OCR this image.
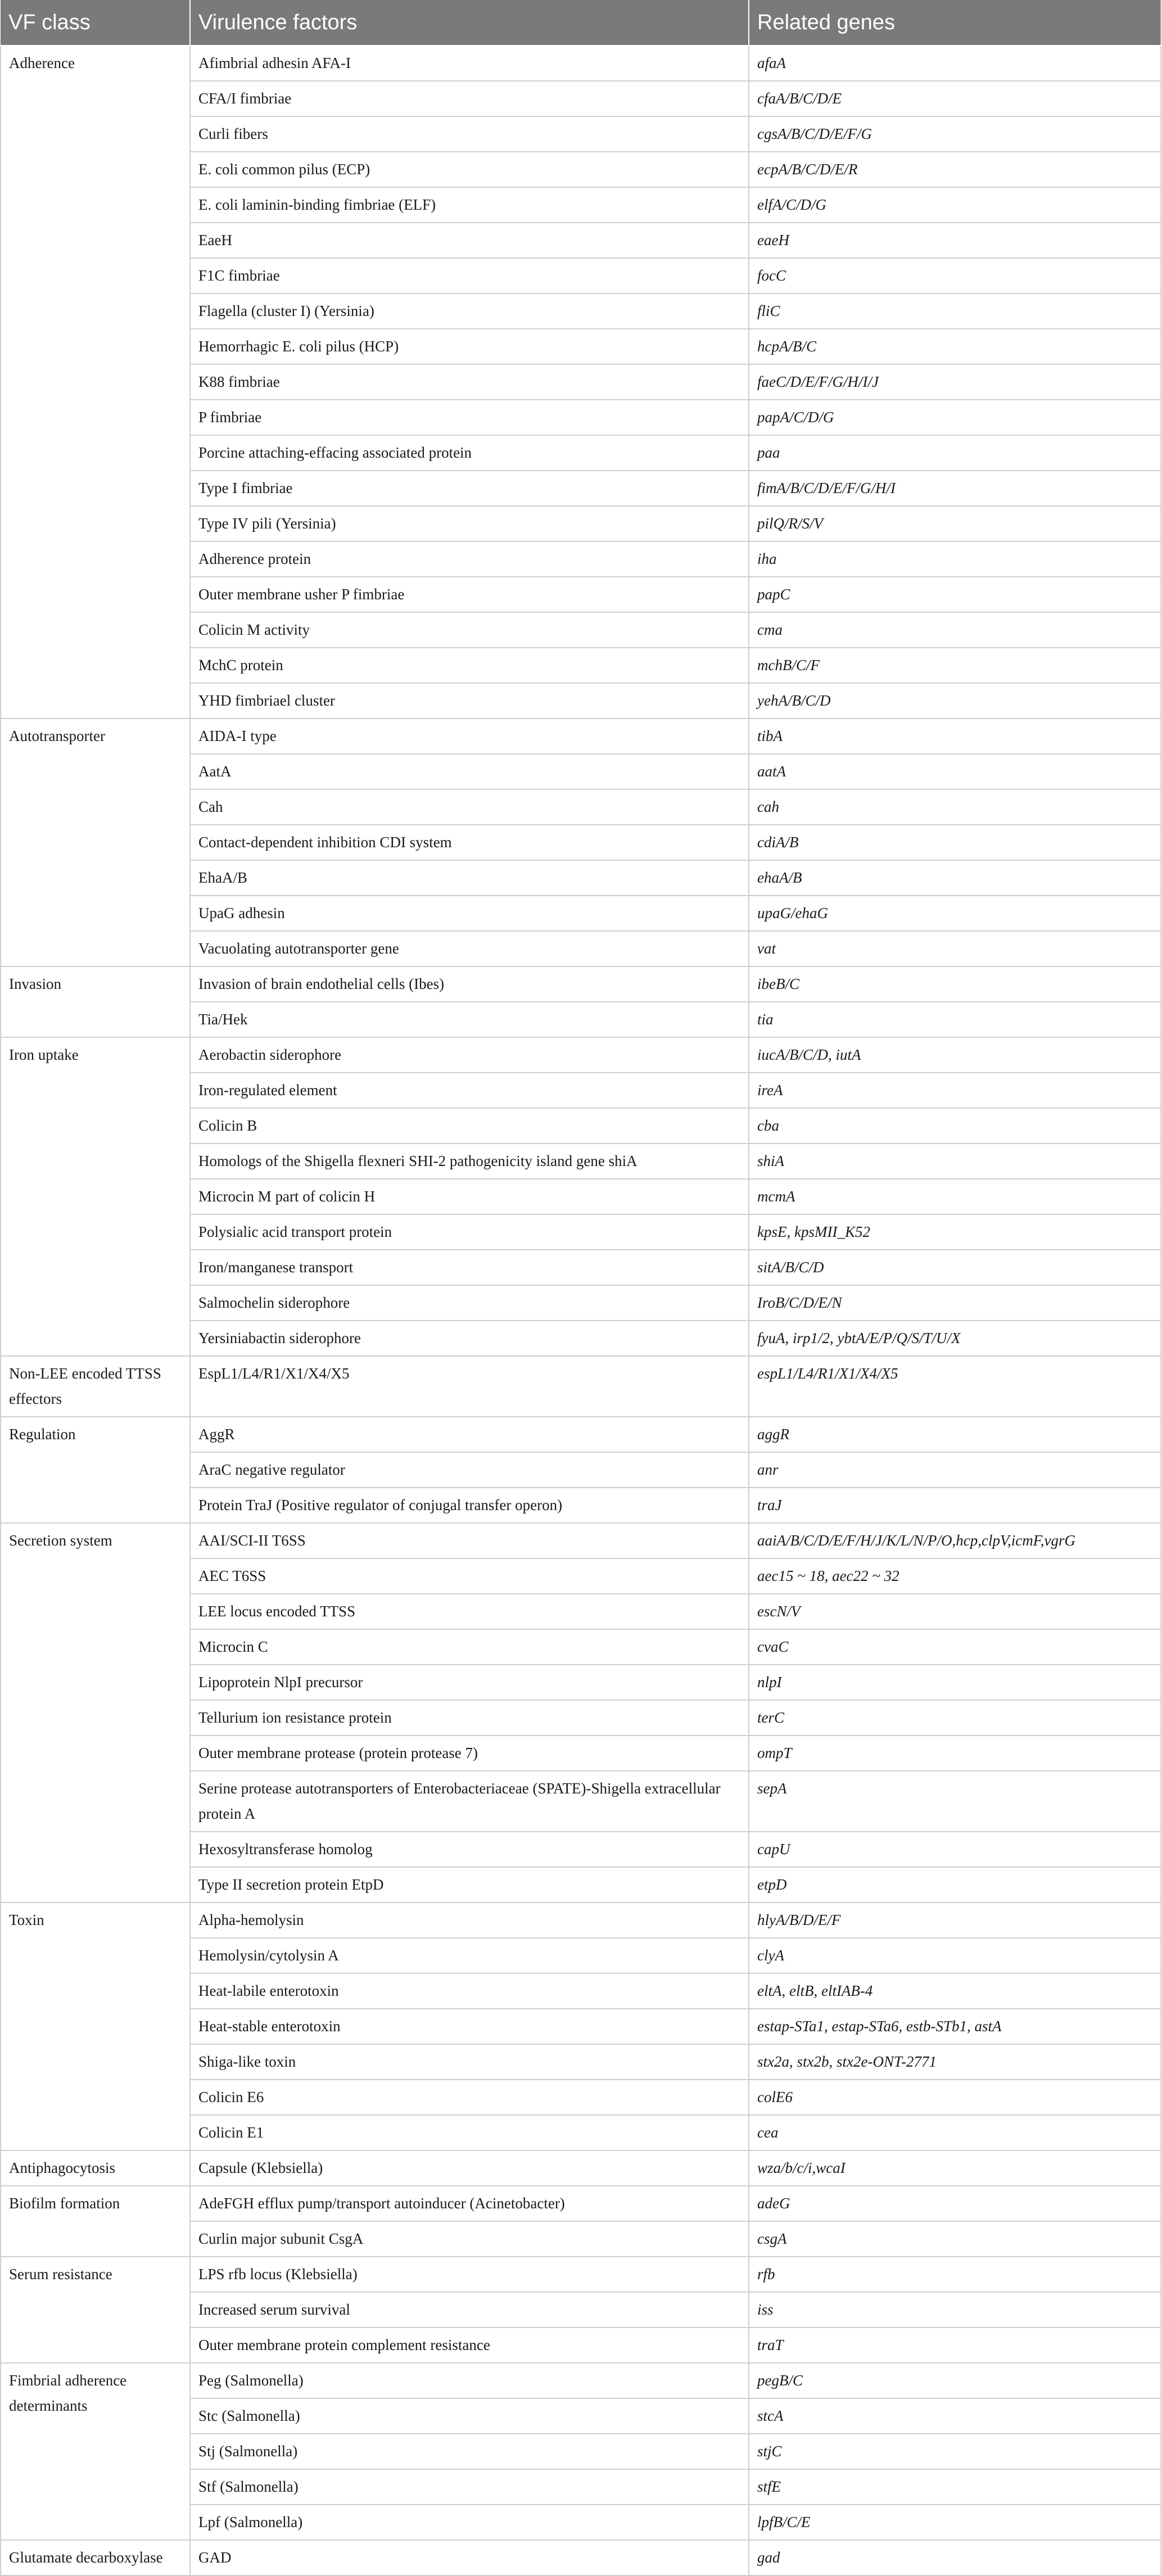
VF class	Virulence factors	Related genes
Adherence	Afimbrial adhesin AFA-I	afaA
	CFA/I fimbriae	cfaA/B/C/D/E
	Curli fibers	cgsA/B/C/D/E/F/G
	E. coli common pilus (ECP)	ecpA/B/C/D/E/R
	E. coli laminin-binding fimbriae (ELF)	elfA/C/D/G
	EaeH	eaeH
	F1C fimbriae	focC
	Flagella (cluster I) (Yersinia)	fliC
	Hemorrhagic E. coli pilus (HCP)	hcpA/B/C
	K88 fimbriae	faeC/D/E/F/G/H/I/J
	P fimbriae	papA/C/D/G
	Porcine attaching-effacing associated protein	paa
	Type I fimbriae	fimA/B/C/D/E/F/G/H/I
	Type IV pili (Yersinia)	pilQ/R/S/V
	Adherence protein	iha
	Outer membrane usher P fimbriae	papC
	Colicin M activity	cma
	MchC protein	mchB/C/F
	YHD fimbriael cluster	yehA/B/C/D
Autotransporter	AIDA-I type	tibA
	AatA	aatA
	Cah	cah
	Contact-dependent inhibition CDI system	cdiA/B
	EhaA/B	ehaA/B
	UpaG adhesin	upaG/ehaG
	Vacuolating autotransporter gene	vat
Invasion	Invasion of brain endothelial cells (Ibes)	ibeB/C
	Tia/Hek	tia
Iron uptake	Aerobactin siderophore	iucA/B/C/D, iutA
	Iron-regulated element	ireA
	Colicin B	cba
	Homologs of the Shigella flexneri SHI-2 pathogenicity island gene shiA	shiA
	Microcin M part of colicin H	mcmA
	Polysialic acid transport protein	kpsE, kpsMII_K52
	Iron/manganese transport	sitA/B/C/D
	Salmochelin siderophore	IroB/C/D/E/N
	Yersiniabactin siderophore	fyuA, irp1/2, ybtA/E/P/Q/S/T/U/X
Non-LEE encoded TTSS effectors	EspL1/L4/R1/X1/X4/X5	espL1/L4/R1/X1/X4/X5
Regulation	AggR	aggR
	AraC negative regulator	anr
	Protein TraJ (Positive regulator of conjugal transfer operon)	traJ
Secretion system	AAI/SCI-II T6SS	aaiA/B/C/D/E/F/H/J/K/L/N/P/O,hcp,clpV,icmF,vgrG
	AEC T6SS	aec15 ~ 18, aec22 ~ 32
	LEE locus encoded TTSS	escN/V
	Microcin C	cvaC
	Lipoprotein NlpI precursor	nlpI
	Tellurium ion resistance protein	terC
	Outer membrane protease (protein protease 7)	ompT
	Serine protease autotransporters of Enterobacteriaceae (SPATE)-Shigella extracellular protein A	sepA
	Hexosyltransferase homolog	capU
	Type II secretion protein EtpD	etpD
Toxin	Alpha-hemolysin	hlyA/B/D/E/F
	Hemolysin/cytolysin A	clyA
	Heat-labile enterotoxin	eltA, eltB, eltIAB-4
	Heat-stable enterotoxin	estap-STa1, estap-STa6, estb-STb1, astA
	Shiga-like toxin	stx2a, stx2b, stx2e-ONT-2771
	Colicin E6	colE6
	Colicin E1	cea
Antiphagocytosis	Capsule (Klebsiella)	wza/b/c/i,wcaI
Biofilm formation	AdeFGH efflux pump/transport autoinducer (Acinetobacter)	adeG
	Curlin major subunit CsgA	csgA
Serum resistance	LPS rfb locus (Klebsiella)	rfb
	Increased serum survival	iss
	Outer membrane protein complement resistance	traT
Fimbrial adherence determinants	Peg (Salmonella)	pegB/C
	Stc (Salmonella)	stcA
	Stj (Salmonella)	stjC
	Stf (Salmonella)	stfE
	Lpf (Salmonella)	lpfB/C/E
Glutamate decarboxylase	GAD	gad
